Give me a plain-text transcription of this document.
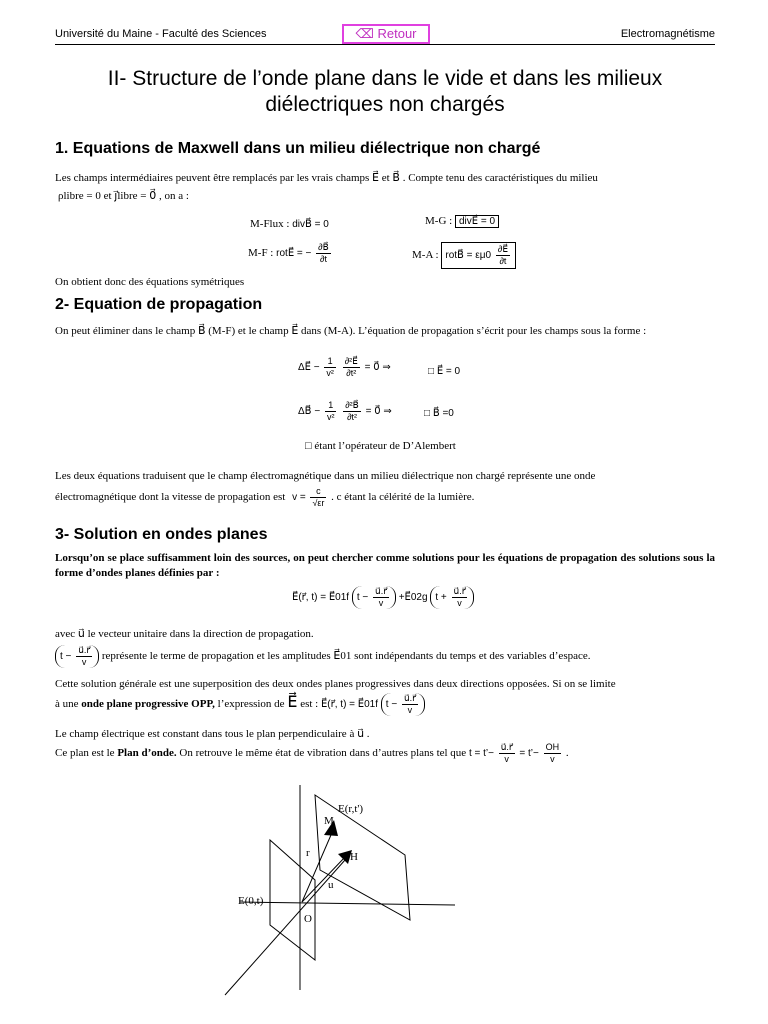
Université du Maine - Faculté des Sciences	⌫ Retour	Electromagnétisme
II- Structure de l’onde plane dans le vide et dans les milieux
diélectriques non chargés
1. Equations de Maxwell dans un milieu diélectrique non chargé
Les champs intermédiaires peuvent être remplacés par les vrais champs E⃗ et B⃗ . Compte tenu des caractéristiques du milieu
ρlibre = 0 et j⃗libre = 0⃗ , on a :
M-Flux : divB⃗ = 0	M-G : divE⃗ = 0
M-F : rotE⃗ = − $\frac{\partial B⃗}{\partial t}$	M-A : rotB⃗ = $\varepsilon\mu 0 \frac{\partial E⃗}{\partial t}$
On obtient donc des équations symétriques
2- Equation de propagation
On peut éliminer dans le champ B⃗ (M-F) et le champ E⃗ dans (M-A). L’équation de propagation s’écrit pour les champs sous la forme :
ΔE⃗ − $\frac{1}{\text{v²}}$
$\frac{\text{∂²E⃗}}{\text{∂t²}}$ = 0⃗ ⇒	□ E⃗ = 0
ΔB⃗ − $\frac{1}{\text{v²}}$
$\frac{\text{∂²B⃗}}{\text{∂t²}}$ = 0⃗ ⇒	□ B⃗ =0
□ étant l’opérateur de D’Alembert
Les deux équations traduisent que le champ électromagnétique dans un milieu diélectrique non chargé représente une onde
électromagnétique dont la vitesse de propagation est $v = \frac{c}{√\varepsilon r}$ . c étant la célérité de la lumière.
3- Solution en ondes planes
Lorsqu’on se place suffisamment loin des sources, on peut chercher comme solutions pour les équations de propagation des solutions sous la forme d’ondes planes définies par :
E⃗(r⃗, t) = E⃗01f $t - \frac{u⃗.r⃗}{v}$ +E⃗02g $t + \frac{u⃗.r⃗}{v}$
avec u⃗ le vecteur unitaire dans la direction de propagation.
$t - \frac{u⃗.r⃗}{v}$ représente le terme de propagation et les amplitudes E⃗01 sont indépendants du temps et des variables d’espace.
Cette solution générale est une superposition des deux ondes planes progressives dans deux directions opposées. Si on se limite
à une onde plane progressive OPP, l’expression de E⃗ est : E⃗(r⃗, t) = E⃗01f $t - \frac{u⃗.r⃗}{v}$
Le champ électrique est constant dans tous le plan perpendiculaire à u⃗ .
Ce plan est le Plan d’onde. On retrouve le même état de vibration dans d’autres plans tel que t = t’− $\frac{u⃗.r⃗}{v}$ = t’− $\frac{OH}{v}$ .
E(r,t')
M
r	H
u
E(0,t)
O
